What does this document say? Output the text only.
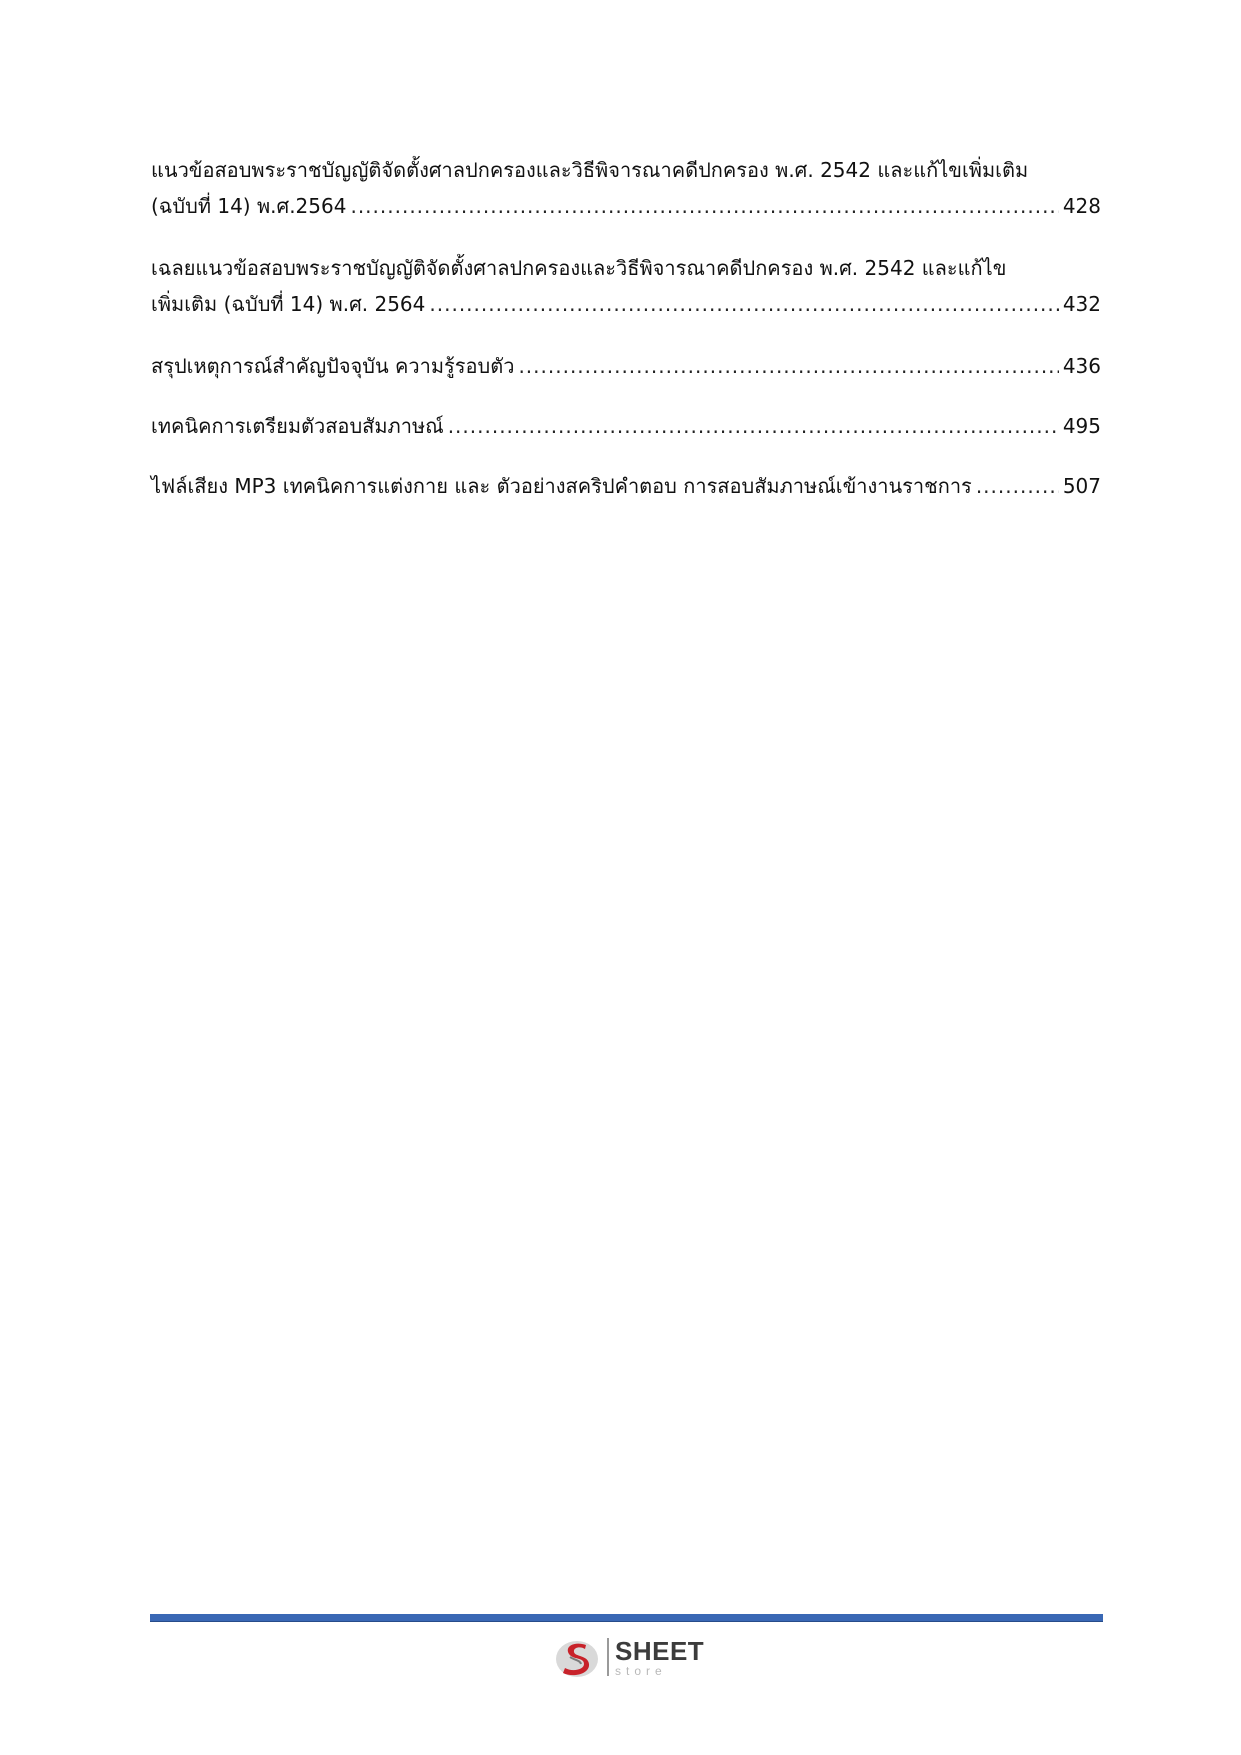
แนวข้อสอบพระราชบัญญัติจัดตั้งศาลปกครองและวิธีพิจารณาคดีปกครอง พ.ศ. 2542 และแก้ไขเพิ่มเติม
(ฉบับที่ 14) พ.ศ.2564 .....	428
เฉลยแนวข้อสอบพระราชบัญญัติจัดตั้งศาลปกครองและวิธีพิจารณาคดีปกครอง พ.ศ. 2542 และแก้ไข
เพิ่มเติม (ฉบับที่ 14) พ.ศ. 2564 .....	432
สรุปเหตุการณ์สำคัญปัจจุบัน ความรู้รอบตัว .....	436
เทคนิคการเตรียมตัวสอบสัมภาษณ์ .....	495
ไฟล์เสียง MP3 เทคนิคการแต่งกาย และ ตัวอย่างสคริปคำตอบ การสอบสัมภาษณ์เข้างานราชการ .....	507
SHEET
store
